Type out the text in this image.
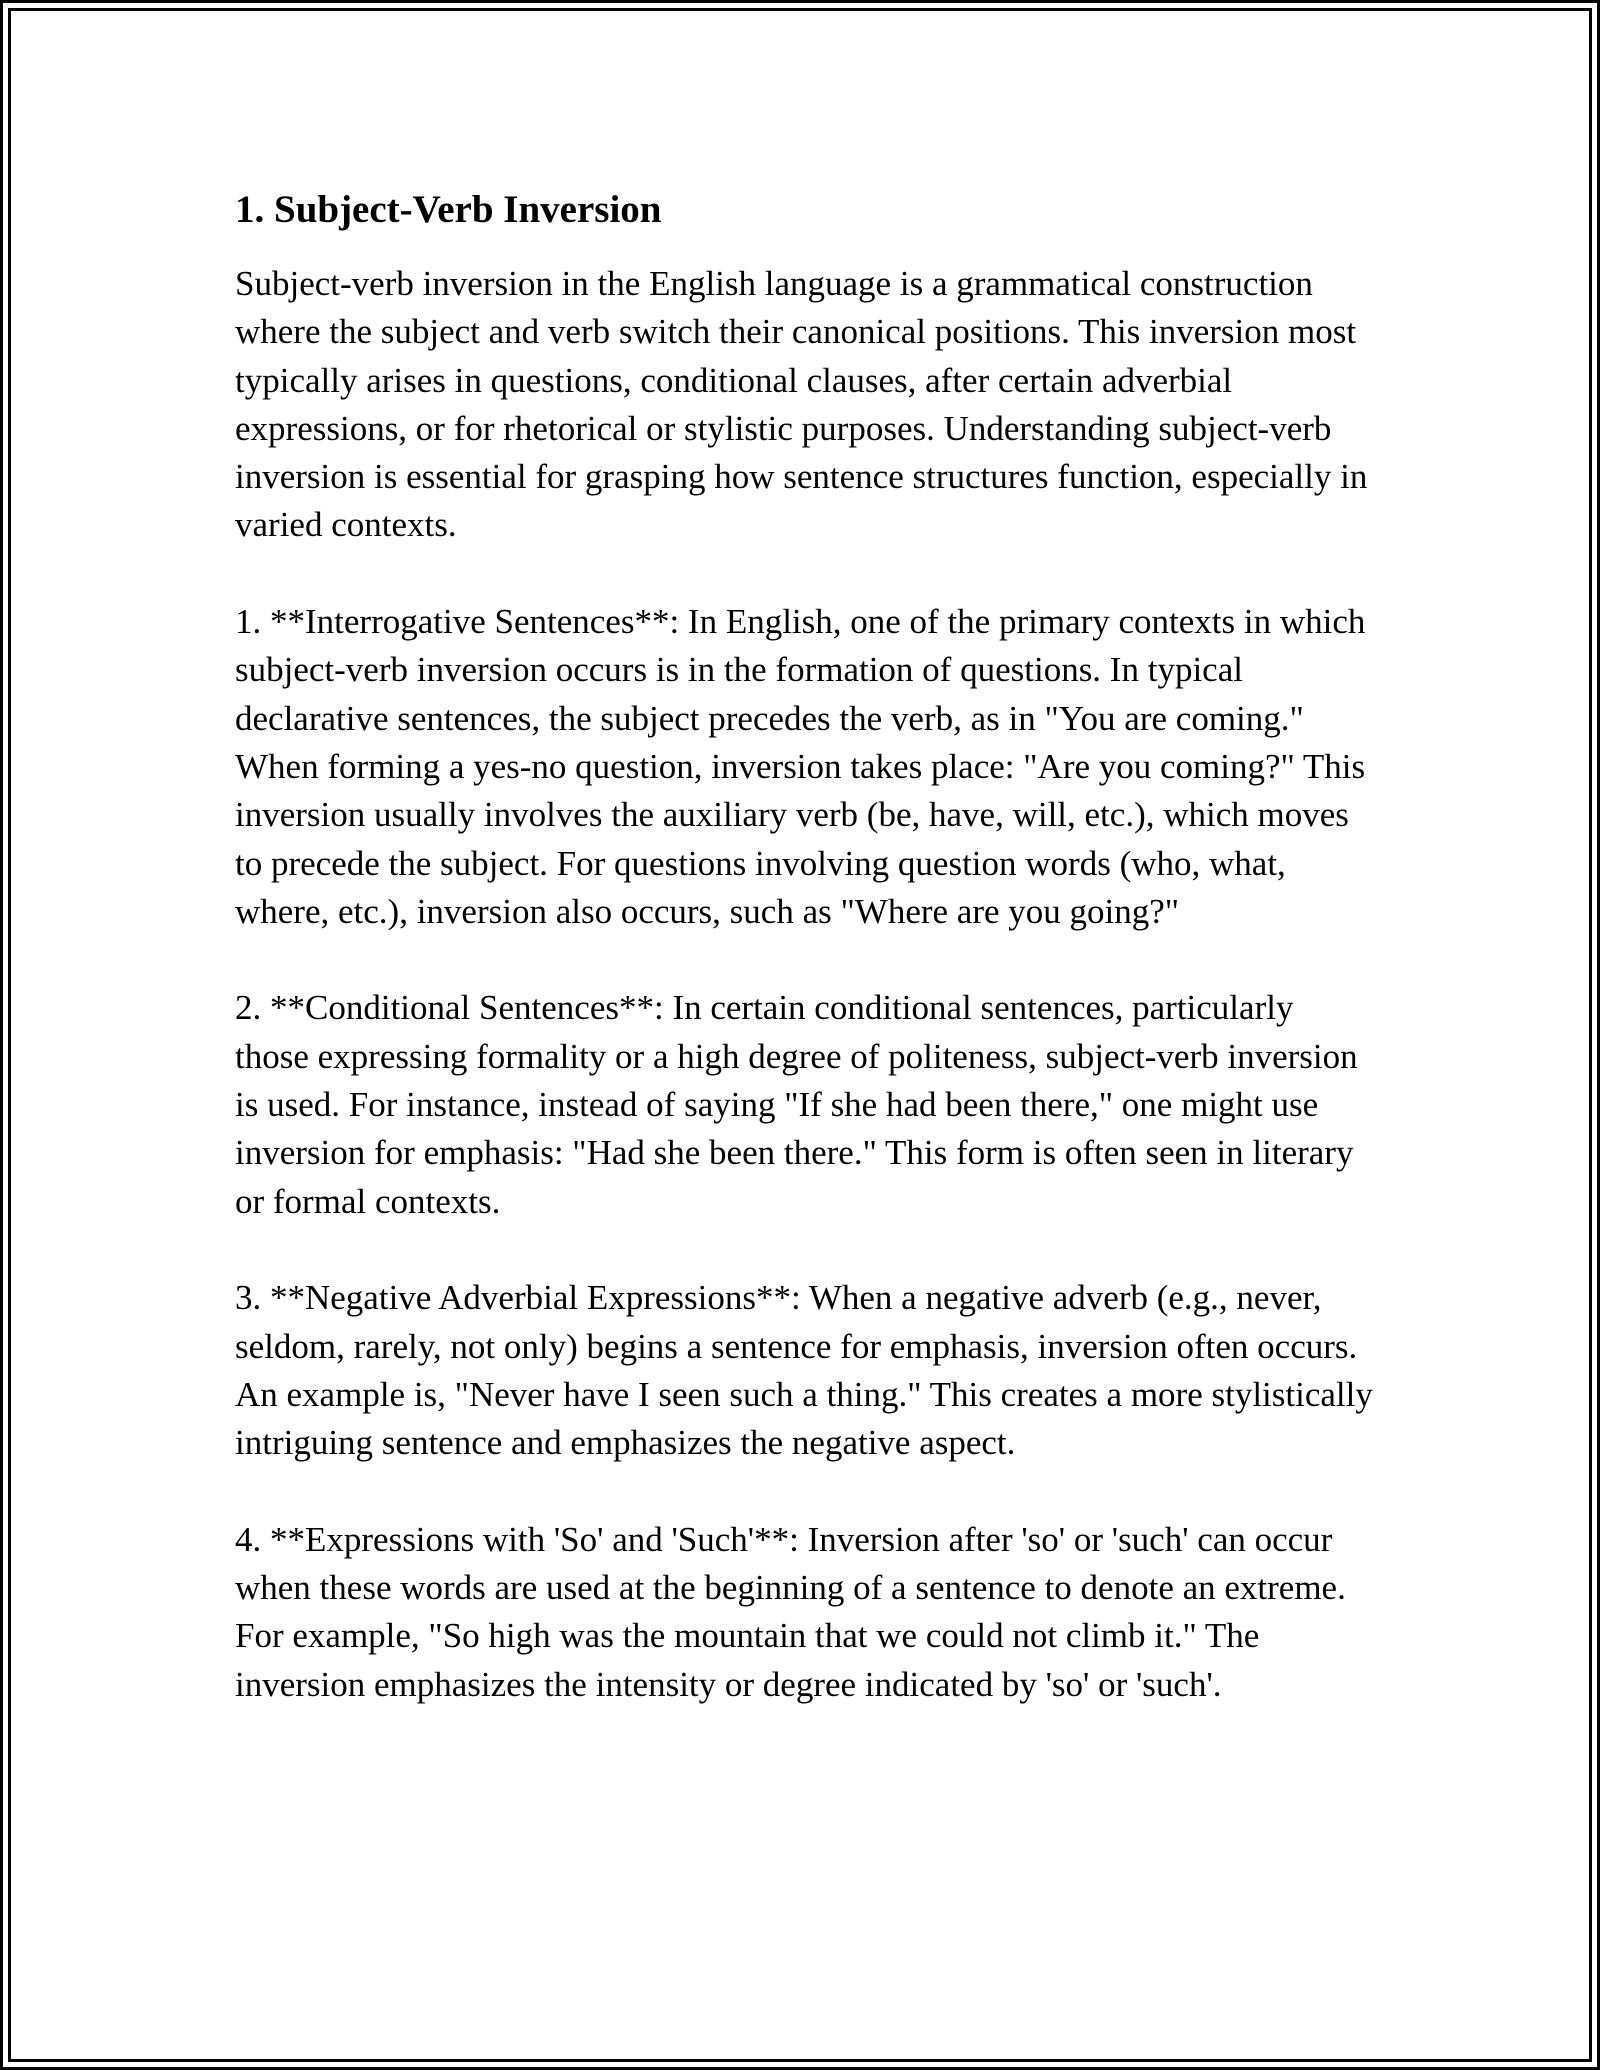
1. Subject-Verb Inversion

Subject-verb inversion in the English language is a grammatical construction where the subject and verb switch their canonical positions. This inversion most typically arises in questions, conditional clauses, after certain adverbial expressions, or for rhetorical or stylistic purposes. Understanding subject-verb inversion is essential for grasping how sentence structures function, especially in varied contexts.

1. **Interrogative Sentences**: In English, one of the primary contexts in which subject-verb inversion occurs is in the formation of questions. In typical declarative sentences, the subject precedes the verb, as in "You are coming." When forming a yes-no question, inversion takes place: "Are you coming?" This inversion usually involves the auxiliary verb (be, have, will, etc.), which moves to precede the subject. For questions involving question words (who, what, where, etc.), inversion also occurs, such as "Where are you going?"

2. **Conditional Sentences**: In certain conditional sentences, particularly those expressing formality or a high degree of politeness, subject-verb inversion is used. For instance, instead of saying "If she had been there," one might use inversion for emphasis: "Had she been there." This form is often seen in literary or formal contexts.

3. **Negative Adverbial Expressions**: When a negative adverb (e.g., never, seldom, rarely, not only) begins a sentence for emphasis, inversion often occurs. An example is, "Never have I seen such a thing." This creates a more stylistically intriguing sentence and emphasizes the negative aspect.

4. **Expressions with 'So' and 'Such'**: Inversion after 'so' or 'such' can occur when these words are used at the beginning of a sentence to denote an extreme. For example, "So high was the mountain that we could not climb it." The inversion emphasizes the intensity or degree indicated by 'so' or 'such'.
